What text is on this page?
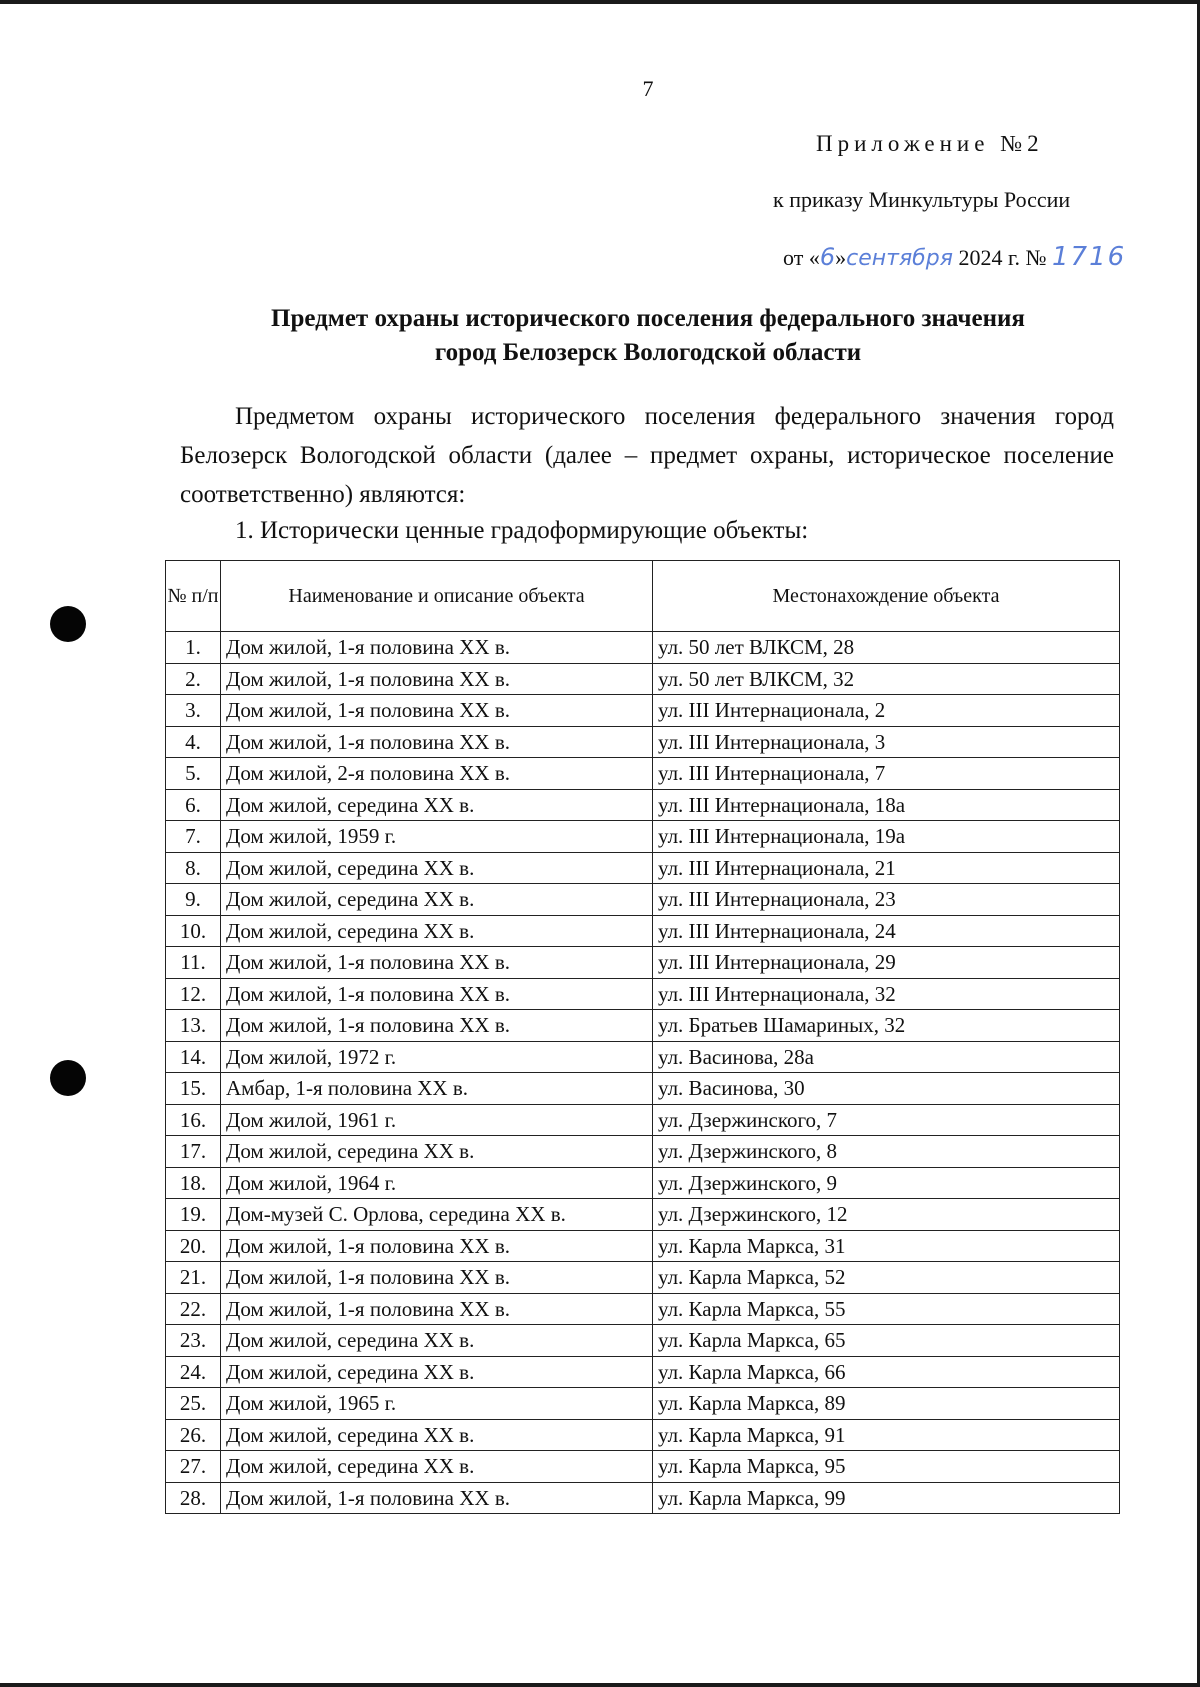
7
Приложение №2
к приказу Минкультуры России
от «6»сентября 2024 г. № 1716
Предмет охраны исторического поселения федерального значения
город Белозерск Вологодской области
Предметом охраны исторического поселения федерального значения город Белозерск Вологодской области (далее – предмет охраны, историческое поселение соответственно) являются:
1. Исторически ценные градоформирующие объекты:
№ п/п	Наименование и описание объекта	Местонахождение объекта
1.	Дом жилой, 1-я половина XX в.	ул. 50 лет ВЛКСМ, 28
2.	Дом жилой, 1-я половина XX в.	ул. 50 лет ВЛКСМ, 32
3.	Дом жилой, 1-я половина XX в.	ул. III Интернационала, 2
4.	Дом жилой, 1-я половина XX в.	ул. III Интернационала, 3
5.	Дом жилой, 2-я половина XX в.	ул. III Интернационала, 7
6.	Дом жилой, середина XX в.	ул. III Интернационала, 18а
7.	Дом жилой, 1959 г.	ул. III Интернационала, 19а
8.	Дом жилой, середина XX в.	ул. III Интернационала, 21
9.	Дом жилой, середина XX в.	ул. III Интернационала, 23
10.	Дом жилой, середина XX в.	ул. III Интернационала, 24
11.	Дом жилой, 1-я половина XX в.	ул. III Интернационала, 29
12.	Дом жилой, 1-я половина XX в.	ул. III Интернационала, 32
13.	Дом жилой, 1-я половина XX в.	ул. Братьев Шамариных, 32
14.	Дом жилой, 1972 г.	ул. Васинова, 28а
15.	Амбар, 1-я половина XX в.	ул. Васинова, 30
16.	Дом жилой, 1961 г.	ул. Дзержинского, 7
17.	Дом жилой, середина XX в.	ул. Дзержинского, 8
18.	Дом жилой, 1964 г.	ул. Дзержинского, 9
19.	Дом-музей С. Орлова, середина XX в.	ул. Дзержинского, 12
20.	Дом жилой, 1-я половина XX в.	ул. Карла Маркса, 31
21.	Дом жилой, 1-я половина XX в.	ул. Карла Маркса, 52
22.	Дом жилой, 1-я половина XX в.	ул. Карла Маркса, 55
23.	Дом жилой, середина XX в.	ул. Карла Маркса, 65
24.	Дом жилой, середина XX в.	ул. Карла Маркса, 66
25.	Дом жилой, 1965 г.	ул. Карла Маркса, 89
26.	Дом жилой, середина XX в.	ул. Карла Маркса, 91
27.	Дом жилой, середина XX в.	ул. Карла Маркса, 95
28.	Дом жилой, 1-я половина XX в.	ул. Карла Маркса, 99
